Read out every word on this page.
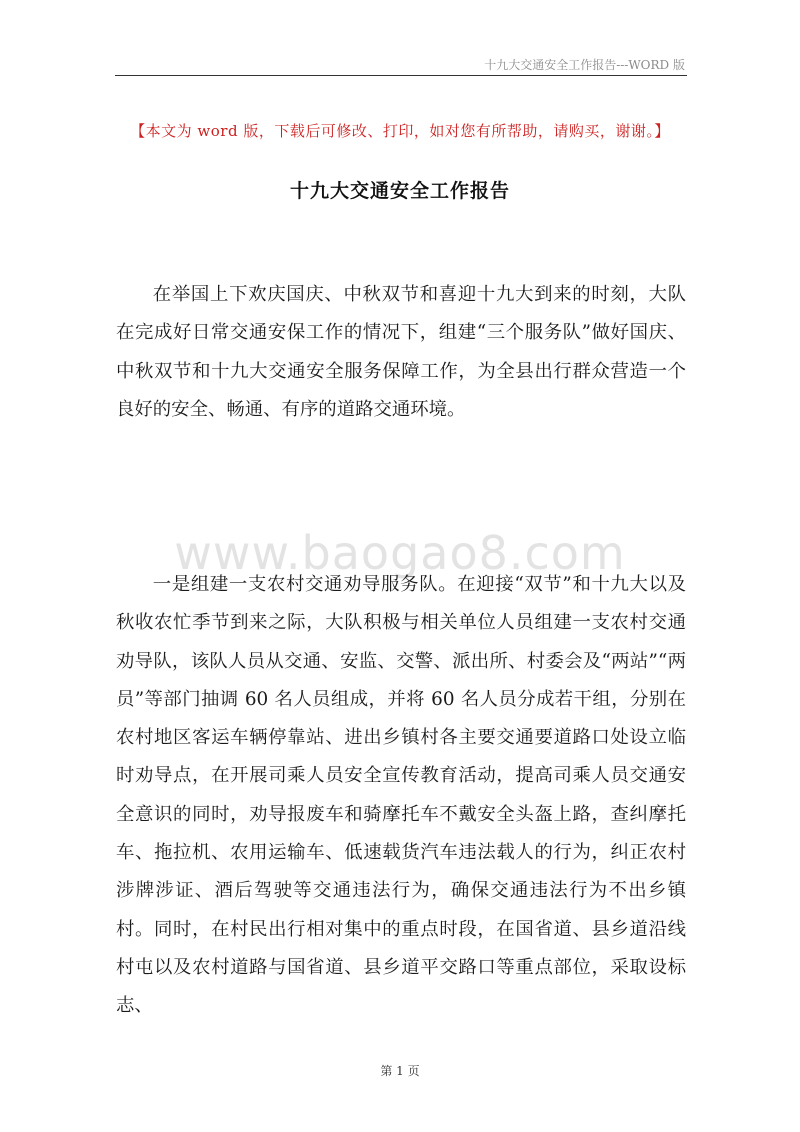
十九大交通安全工作报告---WORD 版
【本文为 word 版，下载后可修改、打印，如对您有所帮助，请购买，谢谢。】
十九大交通安全工作报告
www.baogao8.com

在举国上下欢庆国庆、中秋双节和喜迎十九大到来的时刻，大队在完成好日常交通安保工作的情况下，组建“三个服务队”做好国庆、中秋双节和十九大交通安全服务保障工作，为全县出行群众营造一个良好的安全、畅通、有序的道路交通环境。

一是组建一支农村交通劝导服务队。在迎接“双节”和十九大以及秋收农忙季节到来之际，大队积极与相关单位人员组建一支农村交通劝导队，该队人员从交通、安监、交警、派出所、村委会及“两站”“两员”等部门抽调 60 名人员组成，并将 60 名人员分成若干组，分别在农村地区客运车辆停靠站、进出乡镇村各主要交通要道路口处设立临时劝导点，在开展司乘人员安全宣传教育活动，提高司乘人员交通安全意识的同时，劝导报废车和骑摩托车不戴安全头盔上路，查纠摩托车、拖拉机、农用运输车、低速载货汽车违法载人的行为，纠正农村涉牌涉证、酒后驾驶等交通违法行为，确保交通违法行为不出乡镇村。同时，在村民出行相对集中的重点时段，在国省道、县乡道沿线村屯以及农村道路与国省道、县乡道平交路口等重点部位，采取设标志、

第 1 页
